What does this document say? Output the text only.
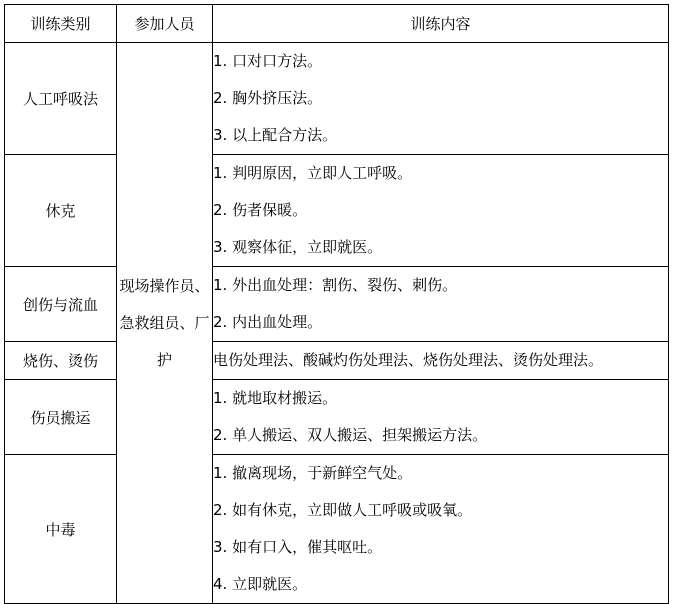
训练类别	参加人员	训练内容
人工呼吸法	现场操作员、急救组员、厂护	1. 口对口方法。
2. 胸外挤压法。
3. 以上配合方法。

休克		1. 判明原因，立即人工呼吸。
2. 伤者保暖。
3. 观察体征，立即就医。

创伤与流血		1. 外出血处理：割伤、裂伤、刺伤。
2. 内出血处理。

烧伤、烫伤		电伤处理法、酸碱灼伤处理法、烧伤处理法、烫伤处理法。

伤员搬运		1. 就地取材搬运。
2. 单人搬运、双人搬运、担架搬运方法。

中毒		1. 撤离现场，于新鲜空气处。
2. 如有休克，立即做人工呼吸或吸氧。
3. 如有口入，催其呕吐。
4. 立即就医。
